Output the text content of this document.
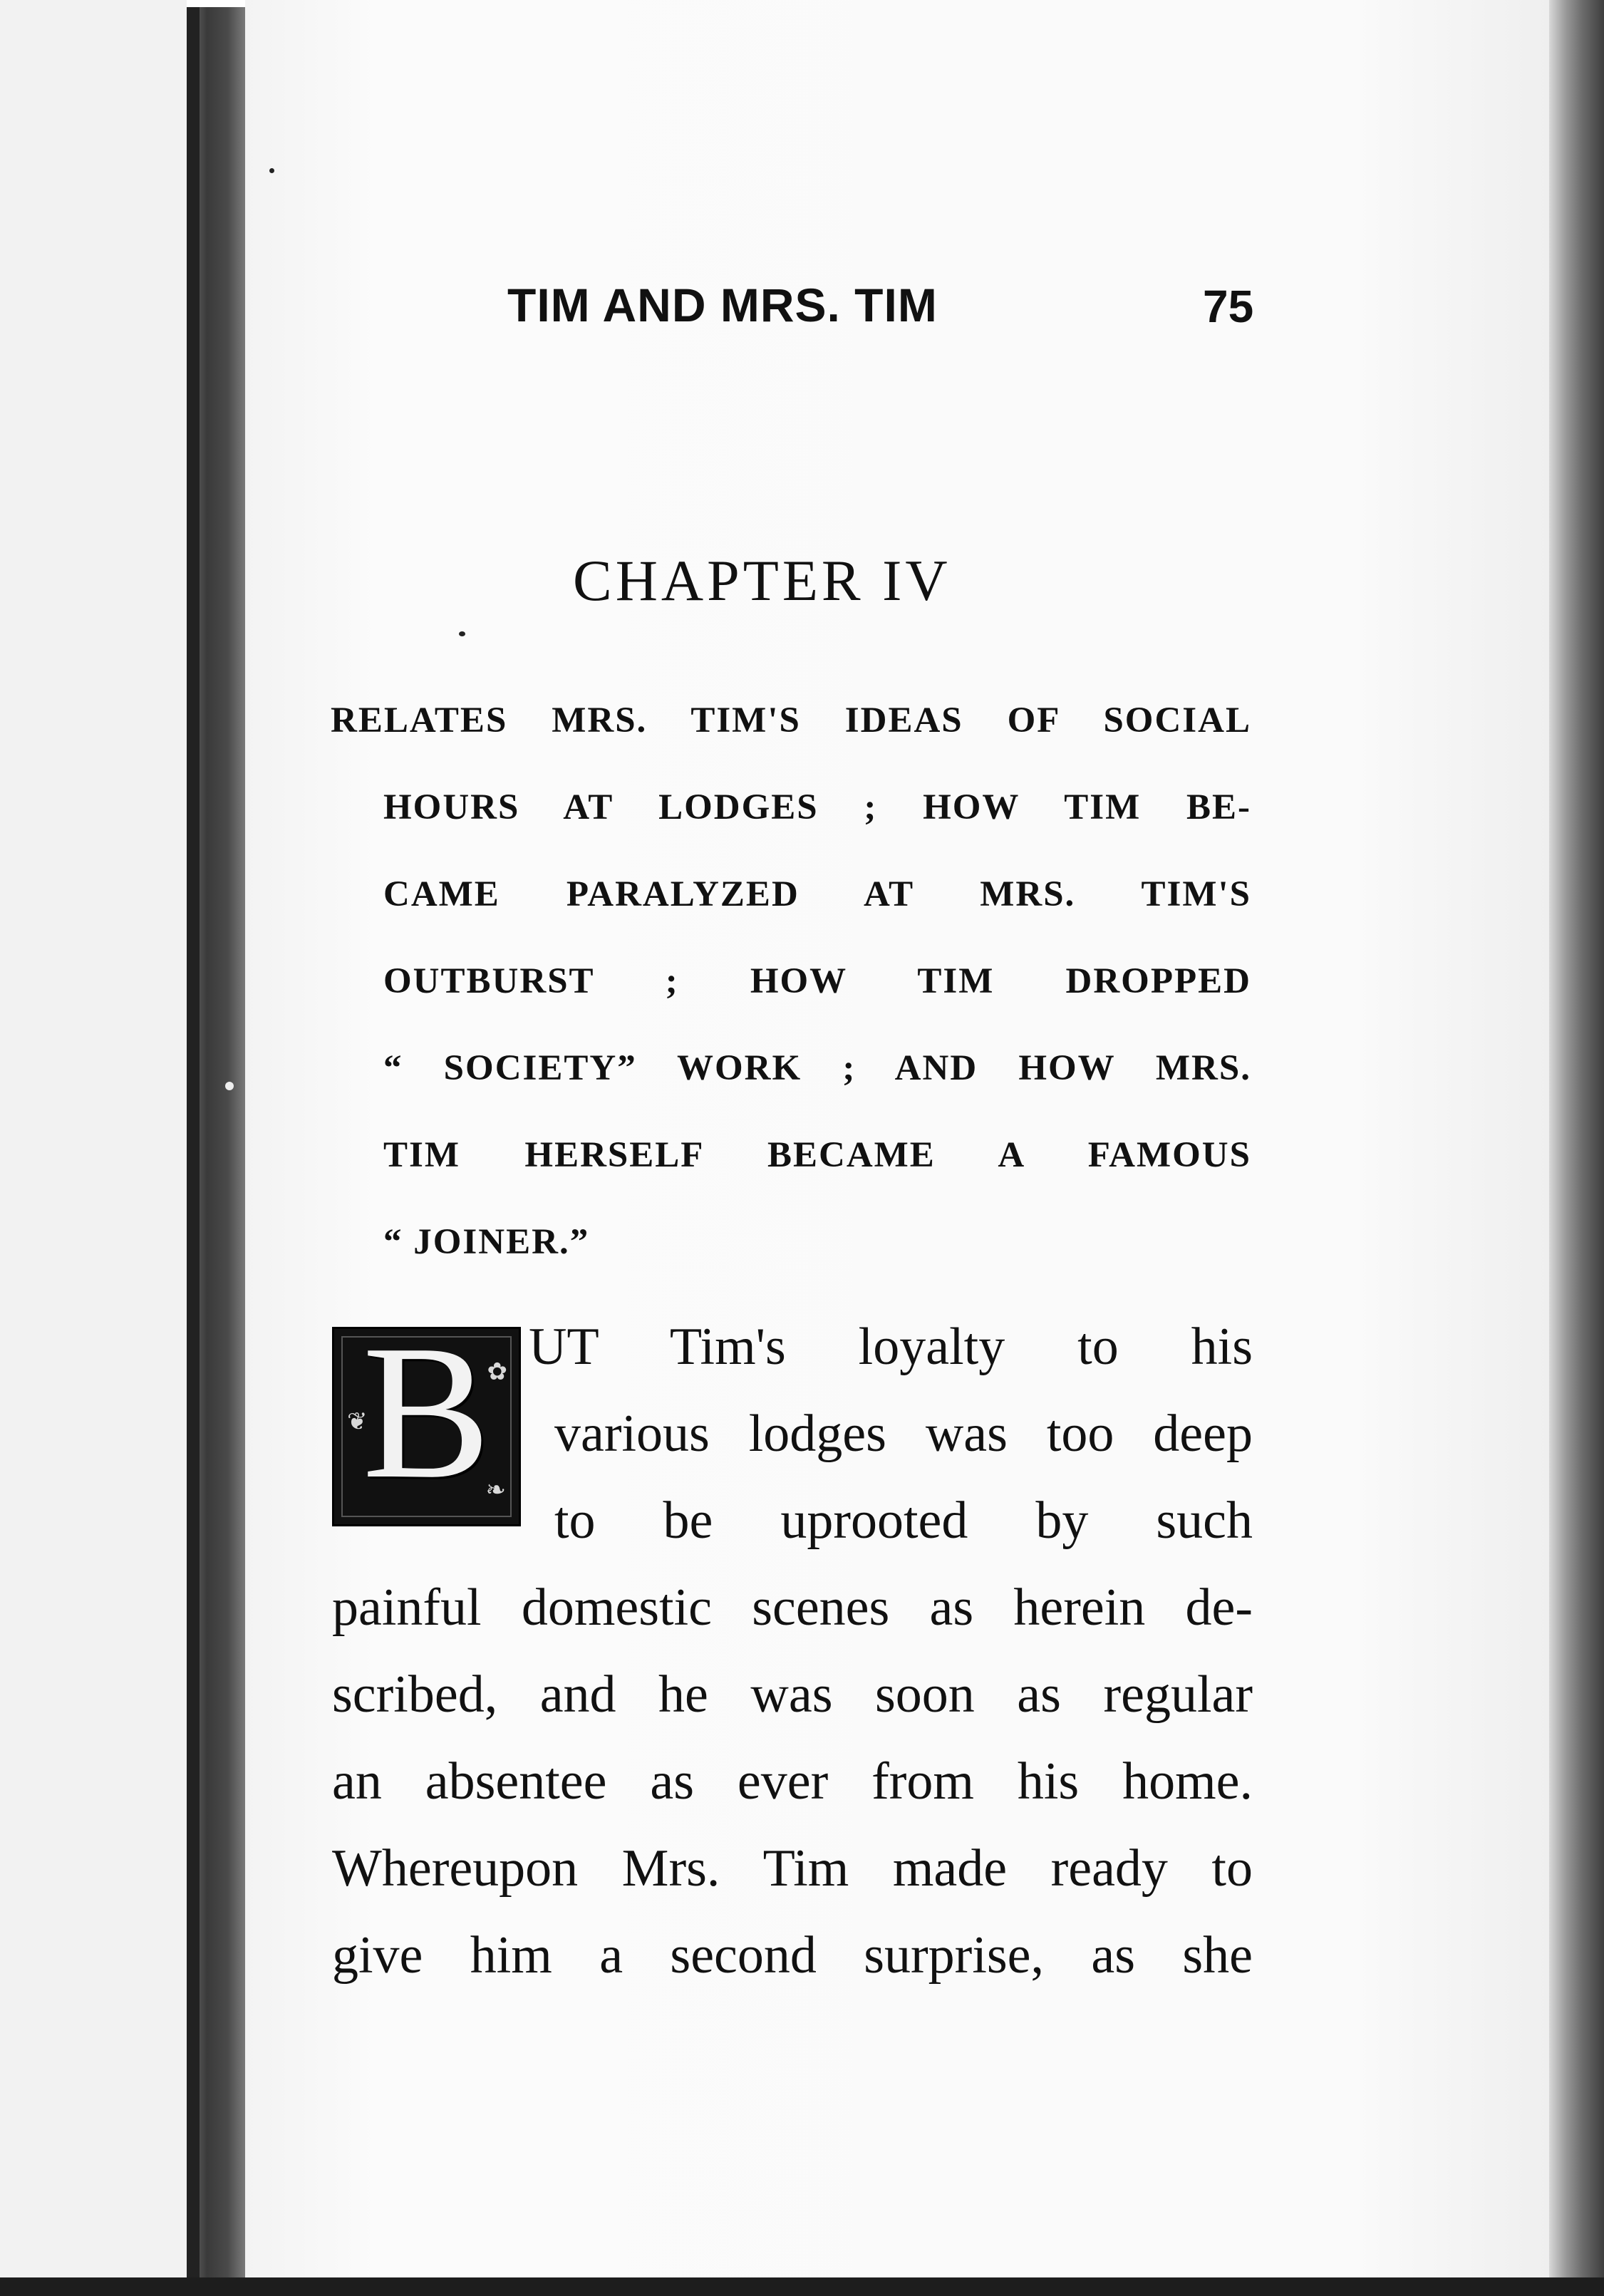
TIM AND MRS. TIM	75
CHAPTER IV
RELATES MRS. TIM'S IDEAS OF SOCIAL
HOURS AT LODGES ; HOW TIM BE-
CAME PARALYZED AT MRS. TIM'S
OUTBURST ; HOW TIM DROPPED
“ SOCIETY” WORK ; AND HOW MRS.
TIM HERSELF BECAME A FAMOUS
“ JOINER.”
❦
✿
❧
B UT Tim's loyalty to his
various lodges was too deep
to be uprooted by such
painful domestic scenes as herein de-
scribed, and he was soon as regular
an absentee as ever from his home.
Whereupon Mrs. Tim made ready to
give him a second surprise, as she
